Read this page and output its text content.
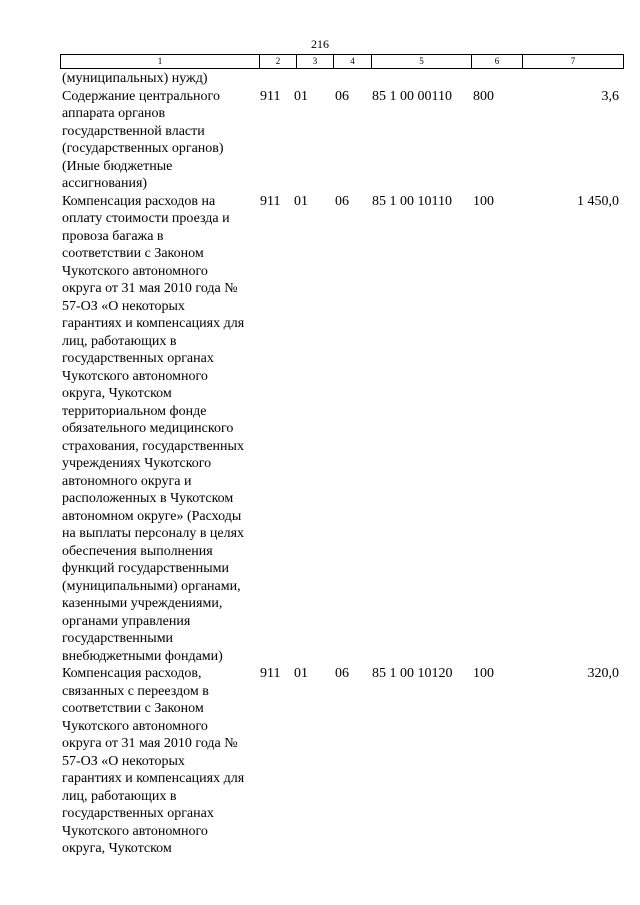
216
1	2	3	4	5	6	7
(муниципальных) нужд)
Содержание центрального
аппарата органов
государственной власти
(государственных органов)
(Иные бюджетные
ассигнования)
911 01	06	85 1 00 00110	800	3,6
Компенсация расходов на
оплату стоимости проезда и
провоза багажа в
соответствии с Законом
Чукотского автономного
округа от 31 мая 2010 года №
57-ОЗ «О некоторых
гарантиях и компенсациях для
лиц, работающих в
государственных органах
Чукотского автономного
округа, Чукотском
территориальном фонде
обязательного медицинского
страхования, государственных
учреждениях Чукотского
автономного округа и
расположенных в Чукотском
автономном округе» (Расходы
на выплаты персоналу в целях
обеспечения выполнения
функций государственными
(муниципальными) органами,
казенными учреждениями,
органами управления
государственными
внебюджетными фондами)
911 01	06	85 1 00 10110	100	1 450,0
Компенсация расходов,
связанных с переездом в
соответствии с Законом
Чукотского автономного
округа от 31 мая 2010 года №
57-ОЗ «О некоторых
гарантиях и компенсациях для
лиц, работающих в
государственных органах
Чукотского автономного
округа, Чукотском
911 01	06	85 1 00 10120	100	320,0
